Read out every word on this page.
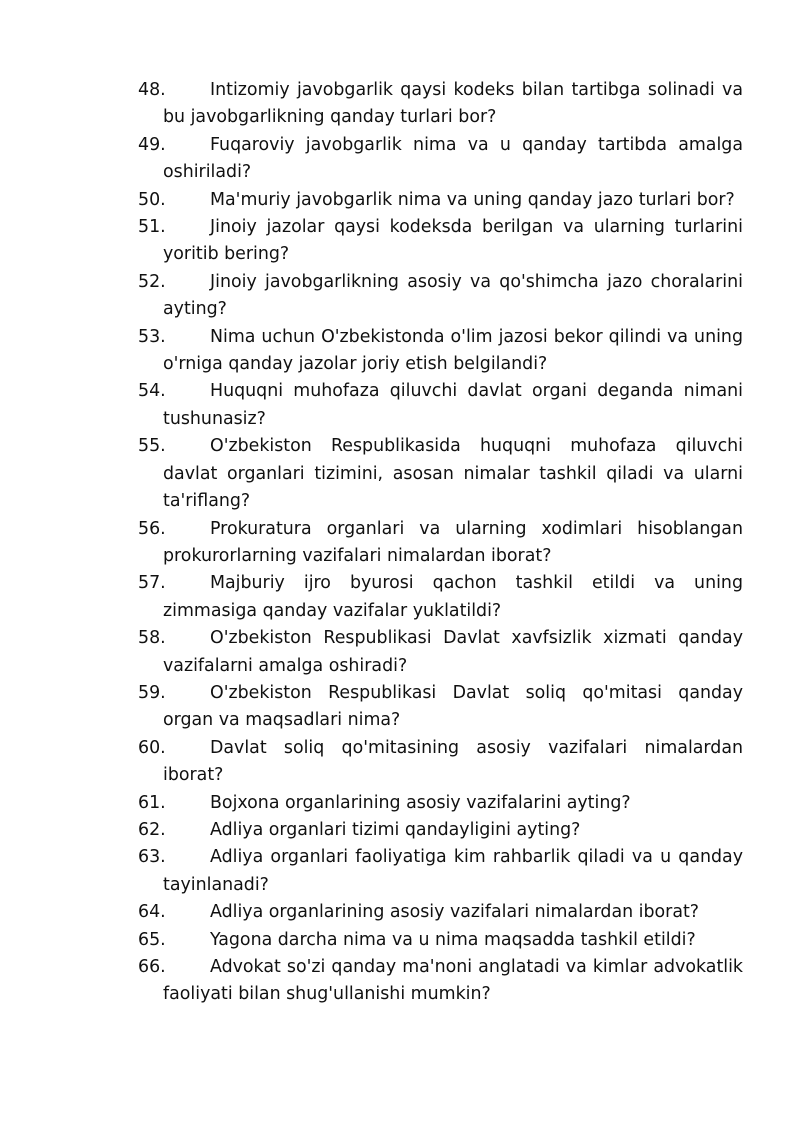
48.	Intizomiy javobgarlik qaysi kodeks bilan tartibga solinadi va bu javobgarlikning qanday turlari bor?

49.	Fuqaroviy javobgarlik nima va u qanday tartibda amalga oshiriladi?

50.	Ma'muriy javobgarlik nima va uning qanday jazo turlari bor?

51.	Jinoiy jazolar qaysi kodeksda berilgan va ularning turlarini yoritib bering?

52.	Jinoiy javobgarlikning asosiy va qo'shimcha jazo choralarini ayting?

53.	Nima uchun O'zbekistonda o'lim jazosi bekor qilindi va uning o'rniga qanday jazolar joriy etish belgilandi?

54.	Huquqni muhofaza qiluvchi davlat organi deganda nimani tushunasiz?

55.	O'zbekiston Respublikasida huquqni muhofaza qiluvchi davlat organlari tizimini, asosan nimalar tashkil qiladi va ularni ta'riflang?

56.	Prokuratura organlari va ularning xodimlari hisoblangan prokurorlarning vazifalari nimalardan iborat?

57.	Majburiy ijro byurosi qachon tashkil etildi va uning zimmasiga qanday vazifalar yuklatildi?

58.	O'zbekiston Respublikasi Davlat xavfsizlik xizmati qanday vazifalarni amalga oshiradi?

59.	O'zbekiston Respublikasi Davlat soliq qo'mitasi qanday organ va maqsadlari nima?

60.	Davlat soliq qo'mitasining asosiy vazifalari nimalardan iborat?

61.	Bojxona organlarining asosiy vazifalarini ayting?

62.	Adliya organlari tizimi qandayligini ayting?

63.	Adliya organlari faoliyatiga kim rahbarlik qiladi va u qanday tayinlanadi?

64.	Adliya organlarining asosiy vazifalari nimalardan iborat?

65.	Yagona darcha nima va u nima maqsadda tashkil etildi?

66.	Advokat so'zi qanday ma'noni anglatadi va kimlar advokatlik faoliyati bilan shug'ullanishi mumkin?
